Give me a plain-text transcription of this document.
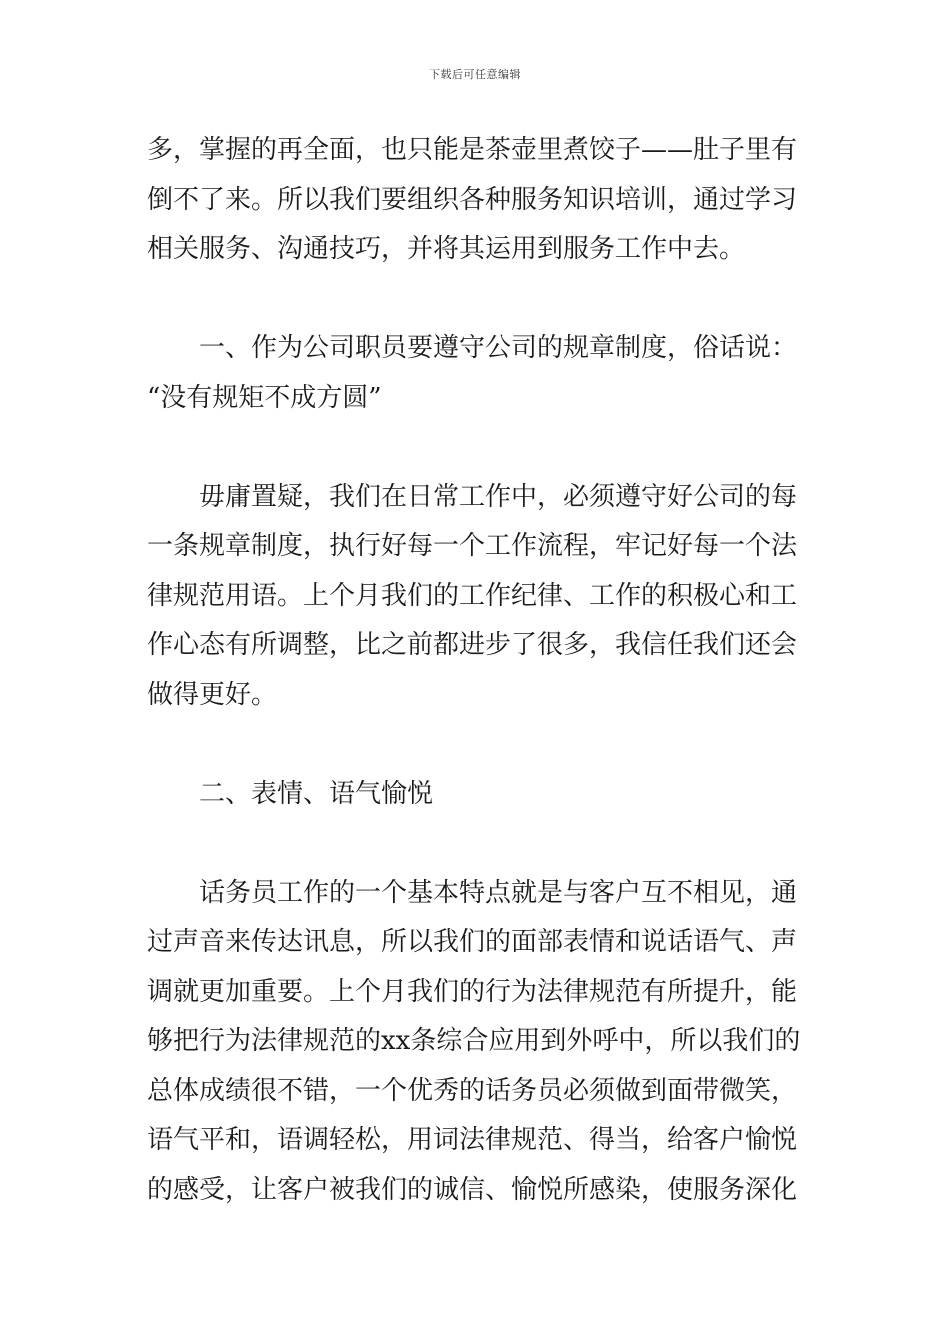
下载后可任意编辑
多，掌握的再全面，也只能是茶壶里煮饺子——肚子里有
倒不了来。所以我们要组织各种服务知识培训，通过学习
相关服务、沟通技巧，并将其运用到服务工作中去。
一、作为公司职员要遵守公司的规章制度，俗话说：
“没有规矩不成方圆”
毋庸置疑，我们在日常工作中，必须遵守好公司的每
一条规章制度，执行好每一个工作流程，牢记好每一个法
律规范用语。上个月我们的工作纪律、工作的积极心和工
作心态有所调整，比之前都进步了很多，我信任我们还会
做得更好。
二、表情、语气愉悦
话务员工作的一个基本特点就是与客户互不相见，通
过声音来传达讯息，所以我们的面部表情和说话语气、声
调就更加重要。上个月我们的行为法律规范有所提升，能
够把行为法律规范的xx条综合应用到外呼中，所以我们的
总体成绩很不错，一个优秀的话务员必须做到面带微笑，
语气平和，语调轻松，用词法律规范、得当，给客户愉悦
的感受，让客户被我们的诚信、愉悦所感染，使服务深化
